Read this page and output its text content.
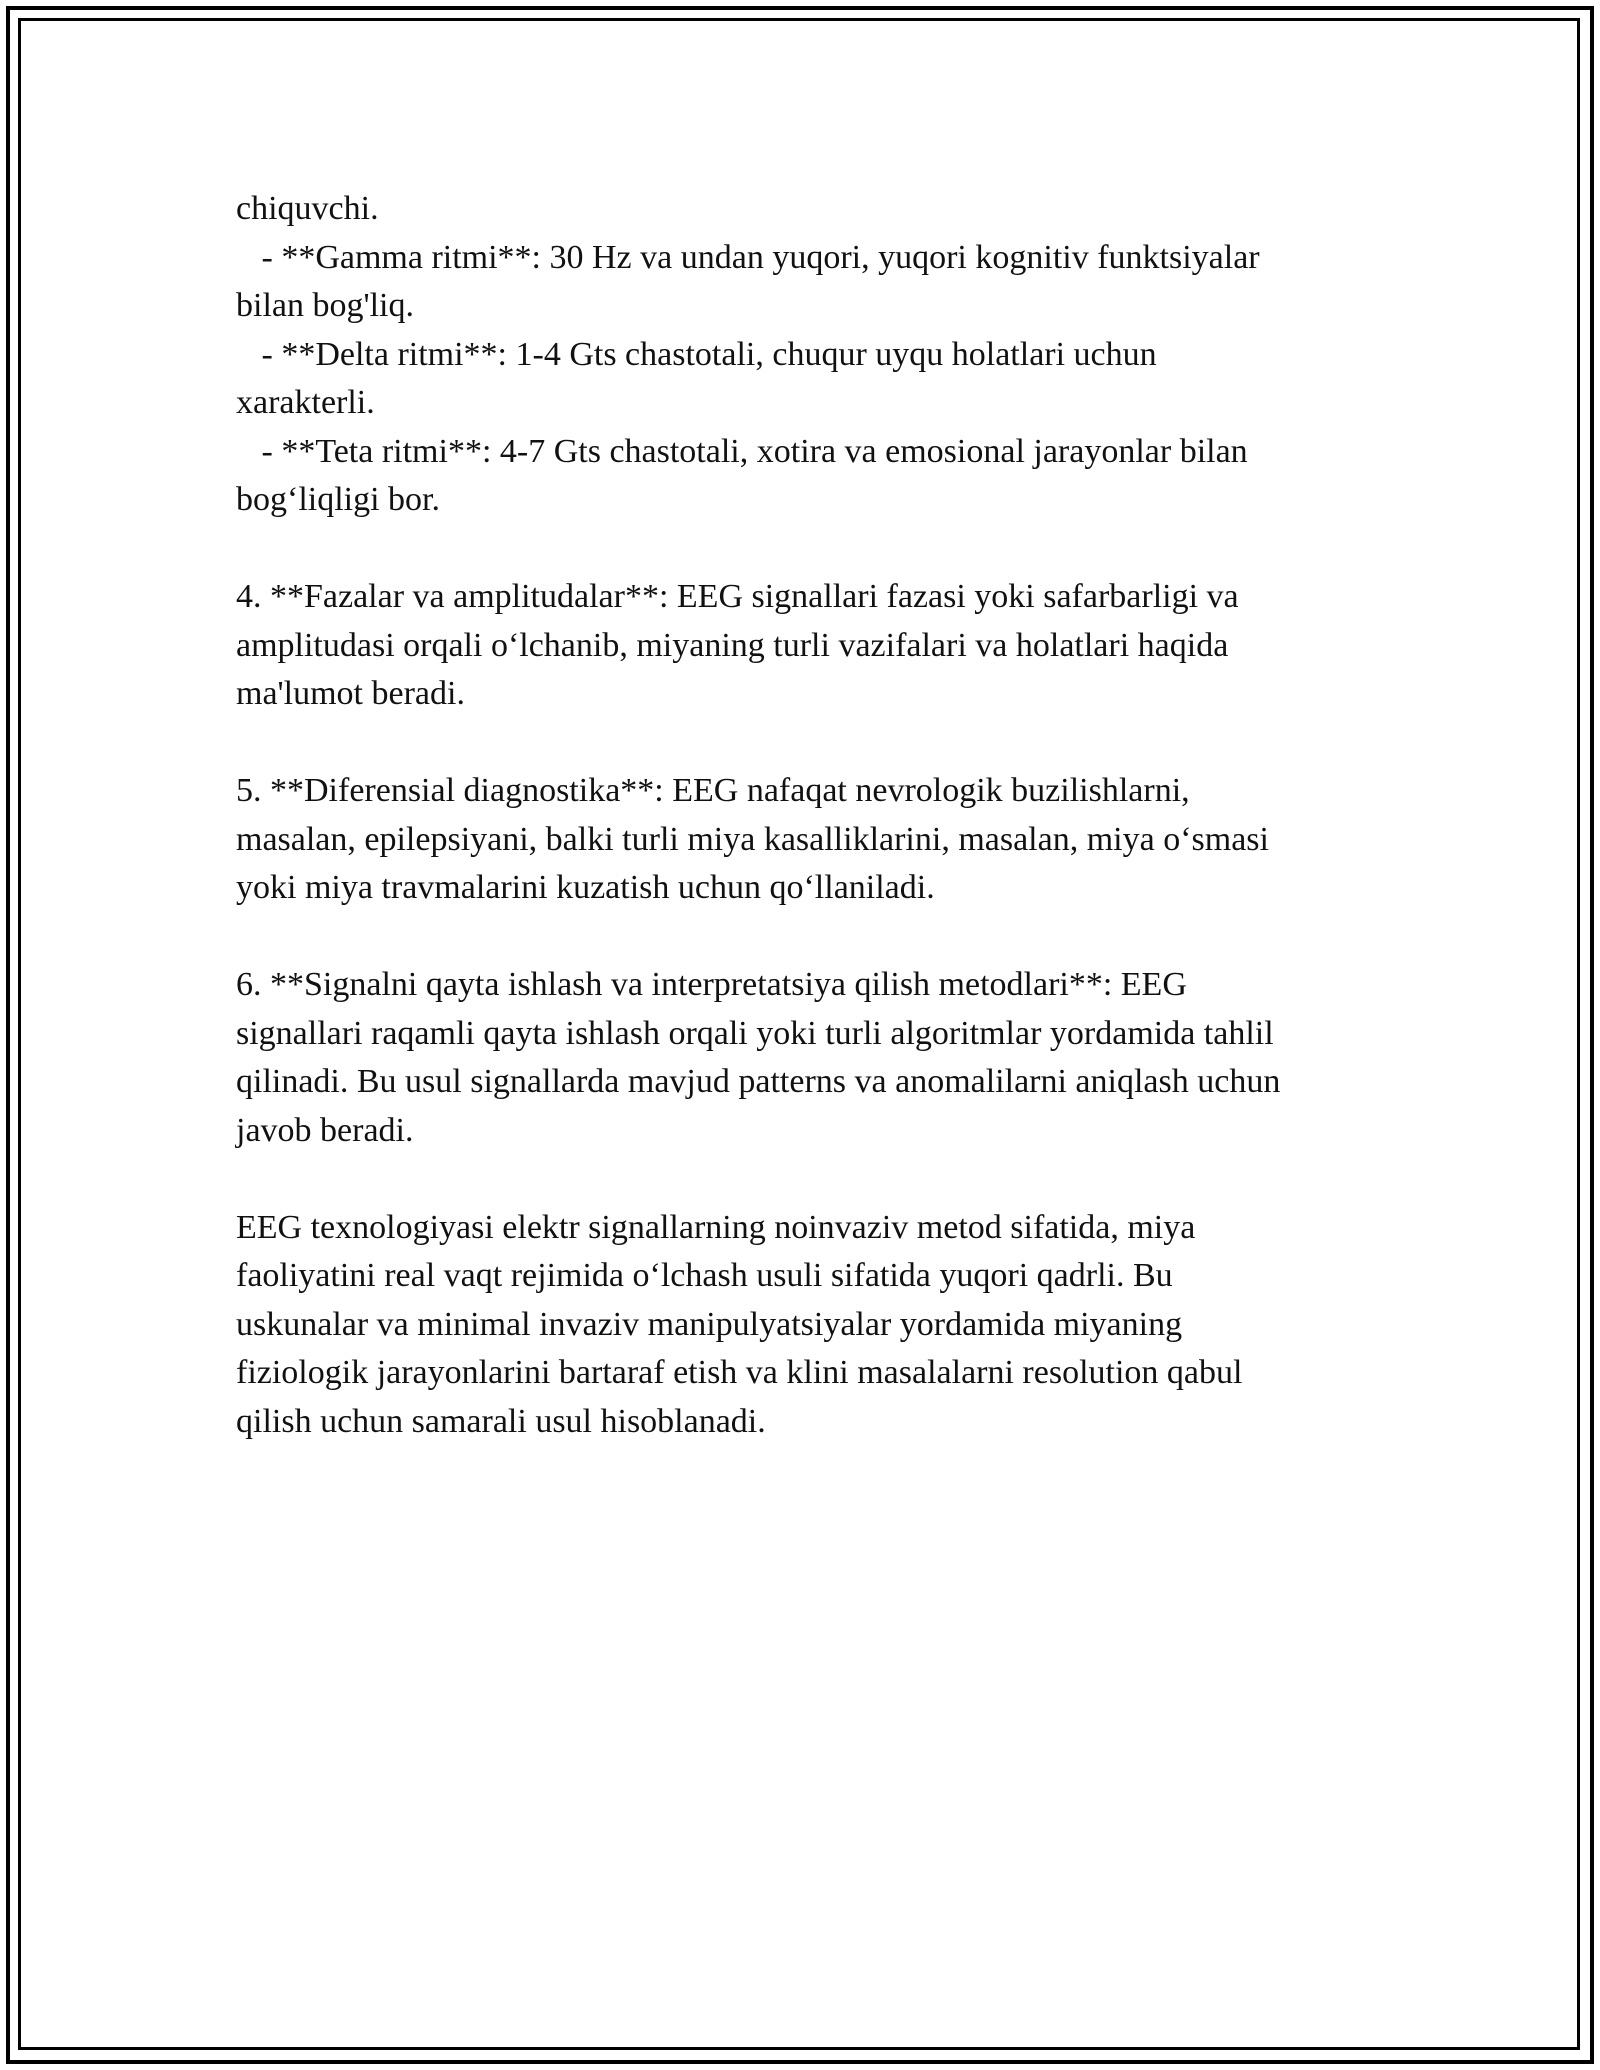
chiquvchi.
- **Gamma ritmi**: 30 Hz va undan yuqori, yuqori kognitiv funktsiyalar
bilan bog'liq.
- **Delta ritmi**: 1-4 Gts chastotali, chuqur uyqu holatlari uchun
xarakterli.
- **Teta ritmi**: 4-7 Gts chastotali, xotira va emosional jarayonlar bilan
bog‘liqligi bor.
4. **Fazalar va amplitudalar**: EEG signallari fazasi yoki safarbarligi va
amplitudasi orqali o‘lchanib, miyaning turli vazifalari va holatlari haqida
ma'lumot beradi.
5. **Diferensial diagnostika**: EEG nafaqat nevrologik buzilishlarni,
masalan, epilepsiyani, balki turli miya kasalliklarini, masalan, miya o‘smasi
yoki miya travmalarini kuzatish uchun qo‘llaniladi.
6. **Signalni qayta ishlash va interpretatsiya qilish metodlari**: EEG
signallari raqamli qayta ishlash orqali yoki turli algoritmlar yordamida tahlil
qilinadi. Bu usul signallarda mavjud patterns va anomalilarni aniqlash uchun
javob beradi.
EEG texnologiyasi elektr signallarning noinvaziv metod sifatida, miya
faoliyatini real vaqt rejimida o‘lchash usuli sifatida yuqori qadrli. Bu
uskunalar va minimal invaziv manipulyatsiyalar yordamida miyaning
fiziologik jarayonlarini bartaraf etish va klini masalalarni resolution qabul
qilish uchun samarali usul hisoblanadi.
